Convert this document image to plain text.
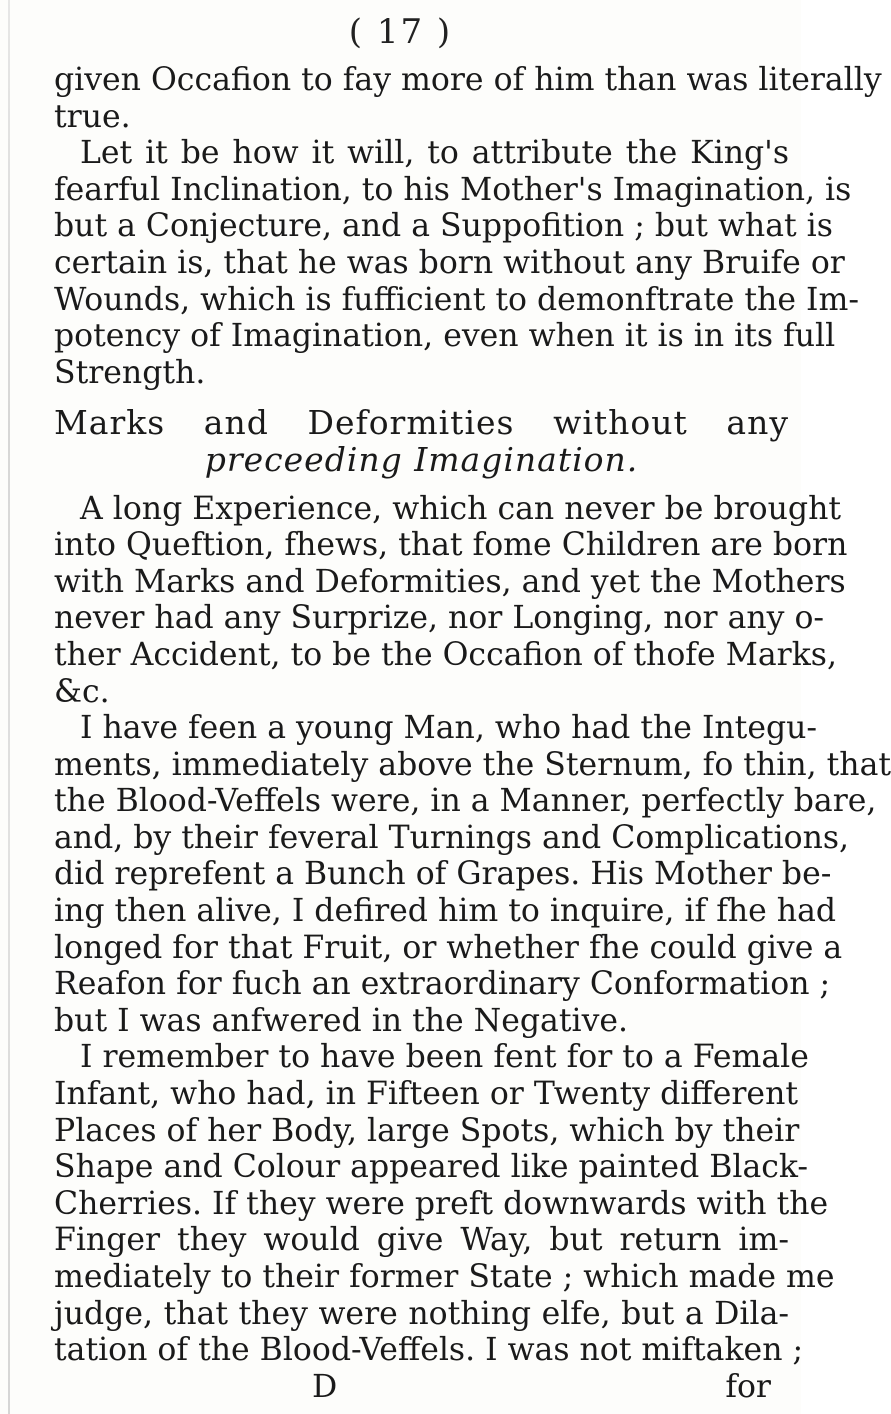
( 17 )
given Occafion to fay more of him than was literally
true.
Let it be how it will, to attribute the King's
fearful Inclination, to his Mother's Imagination, is
but a Conjecture, and a Suppofition ; but what is
certain is, that he was born without any Bruife or
Wounds, which is fufficient to demonftrate the Im-
potency of Imagination, even when it is in its full
Strength.
Marks and Deformities without any
preceeding Imagination.
A long Experience, which can never be brought
into Queftion, fhews, that fome Children are born
with Marks and Deformities, and yet the Mothers
never had any Surprize, nor Longing, nor any o-
ther Accident, to be the Occafion of thofe Marks,
&c.
I have feen a young Man, who had the Integu-
ments, immediately above the Sternum, fo thin, that
the Blood-Veffels were, in a Manner, perfectly bare,
and, by their feveral Turnings and Complications,
did reprefent a Bunch of Grapes. His Mother be-
ing then alive, I defired him to inquire, if fhe had
longed for that Fruit, or whether fhe could give a
Reafon for fuch an extraordinary Conformation ;
but I was anfwered in the Negative.
I remember to have been fent for to a Female
Infant, who had, in Fifteen or Twenty different
Places of her Body, large Spots, which by their
Shape and Colour appeared like painted Black-
Cherries. If they were preft downwards with the
Finger they would give Way, but return im-
mediately to their former State ; which made me
judge, that they were nothing elfe, but a Dila-
tation of the Blood-Veffels. I was not miftaken ;
D	for
